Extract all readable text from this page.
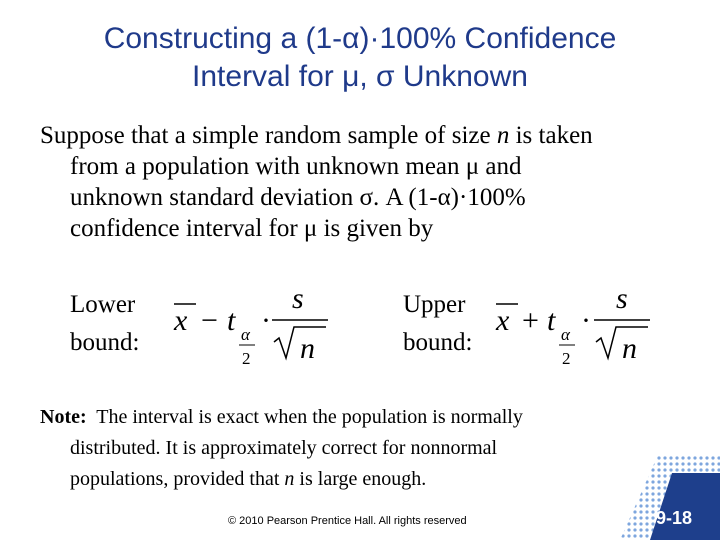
Constructing a (1-α)·100% Confidence
Interval for μ, σ Unknown
Suppose that a simple random sample of size n is taken
from a population with unknown mean μ and
unknown standard deviation σ. A (1-α)·100%
confidence interval for μ is given by
Lower
bound:
x − t α
2
·
s
n
Upper
bound:
x + t α
2
·
s
n
Note:  The interval is exact when the population is normally
distributed. It is approximately correct for nonnormal
populations, provided that n is large enough.
© 2010 Pearson Prentice Hall. All rights reserved	9-18
